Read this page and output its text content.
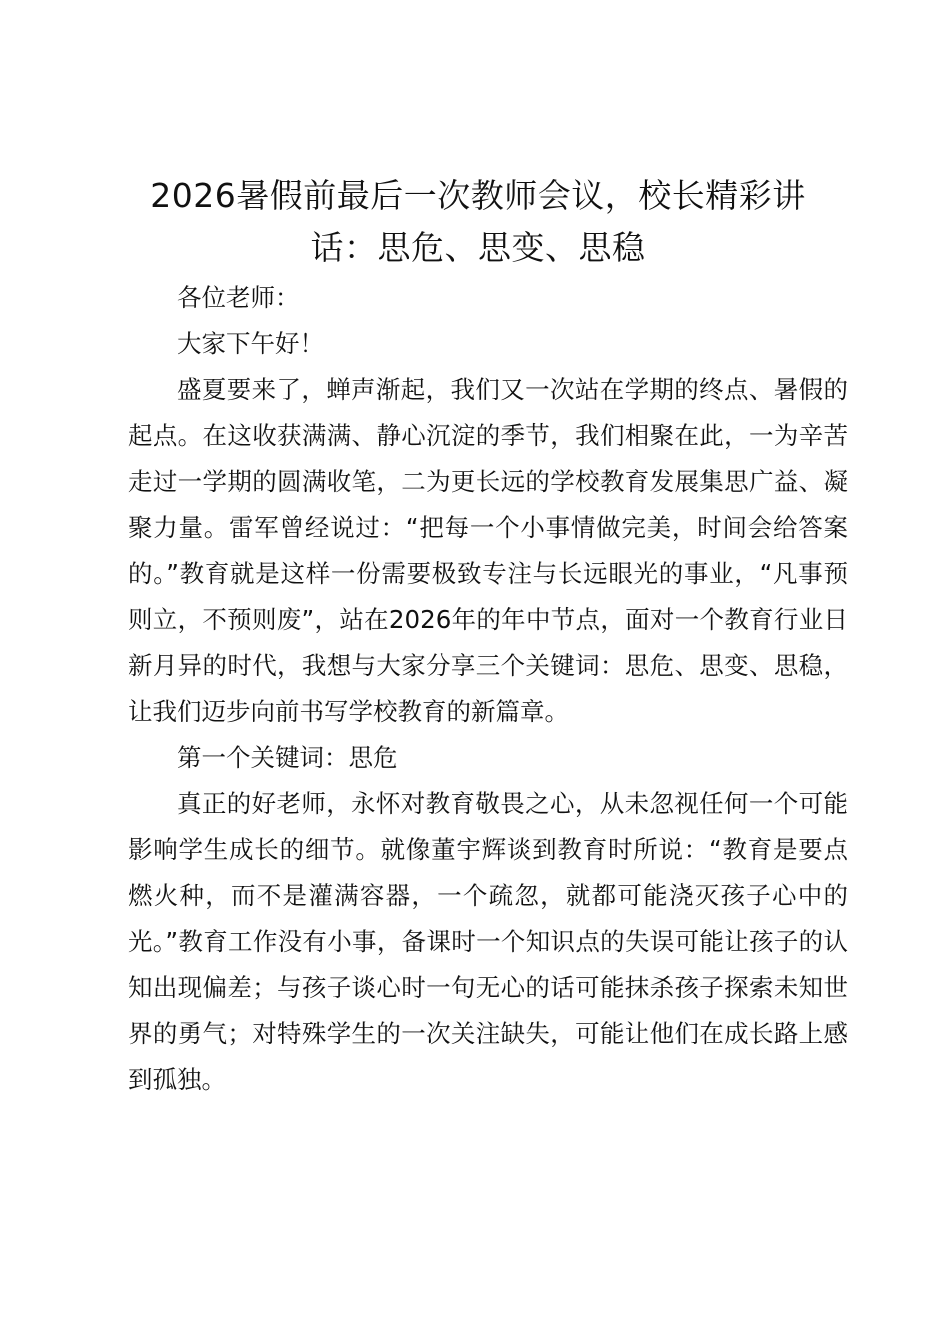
2026暑假前最后一次教师会议，校长精彩讲话：思危、思变、思稳

各位老师：

大家下午好！

盛夏要来了，蝉声渐起，我们又一次站在学期的终点、暑假的起点。在这收获满满、静心沉淀的季节，我们相聚在此，一为辛苦走过一学期的圆满收笔，二为更长远的学校教育发展集思广益、凝聚力量。雷军曾经说过：“把每一个小事情做完美，时间会给答案的。”教育就是这样一份需要极致专注与长远眼光的事业，“凡事预则立，不预则废”，站在2026年的年中节点，面对一个教育行业日新月异的时代，我想与大家分享三个关键词：思危、思变、思稳，让我们迈步向前书写学校教育的新篇章。

第一个关键词：思危

真正的好老师，永怀对教育敬畏之心，从未忽视任何一个可能影响学生成长的细节。就像董宇辉谈到教育时所说：“教育是要点燃火种，而不是灌满容器，一个疏忽，就都可能浇灭孩子心中的光。”教育工作没有小事，备课时一个知识点的失误可能让孩子的认知出现偏差；与孩子谈心时一句无心的话可能抹杀孩子探索未知世界的勇气；对特殊学生的一次关注缺失，可能让他们在成长路上感到孤独。
